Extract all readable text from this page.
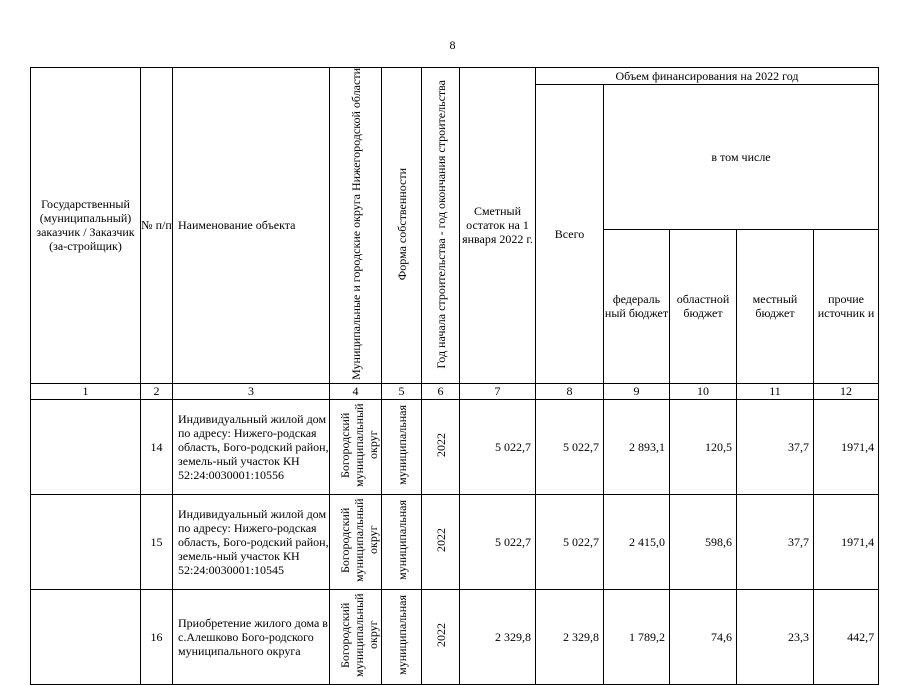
8
Государственный (муниципальный) заказчик / Заказчик (за-стройщик)	№ п/п	Наименование объекта	Муниципальные и городские округа Нижегородской области	Форма собственности	Год начала строительства - год окончания строительства	Сметный остаток на 1 января 2022 г.	Объем финансирования на 2022 год				
							Всего	в том числе			
								федераль ный бюджет	областной бюджет	местный бюджет	прочие источник и
1	2	3	4	5	6	7	8	9	10	11	12
	14	Индивидуальный жилой дом по адресу: Нижего-родская область, Бого-родский район, земель-ный участок КН 52:24:0030001:10556	Богородский муниципальный округ	муниципальная	2022	5 022,7	5 022,7	2 893,1	120,5	37,7	1971,4
	15	Индивидуальный жилой дом по адресу: Нижего-родская область, Бого-родский район, земель-ный участок КН 52:24:0030001:10545	Богородский муниципальный округ	муниципальная	2022	5 022,7	5 022,7	2 415,0	598,6	37,7	1971,4
	16	Приобретение жилого дома в с.Алешково Бого-родского муниципального округа	Богородский муниципальный округ	муниципальная	2022	2 329,8	2 329,8	1 789,2	74,6	23,3	442,7
